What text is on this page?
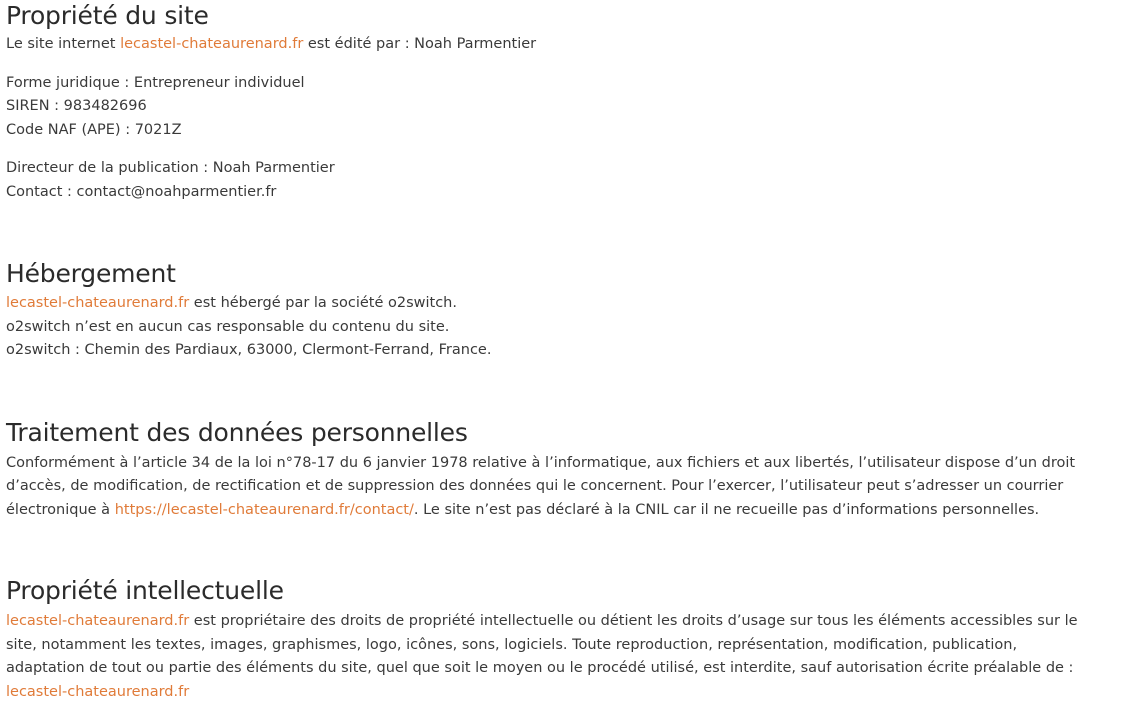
Propriété du site

Le site internet lecastel-chateaurenard.fr est édité par : Noah Parmentier

Forme juridique : Entrepreneur individuel
SIREN : 983482696
Code NAF (APE) : 7021Z

Directeur de la publication : Noah Parmentier
Contact : contact@noahparmentier.fr

Hébergement

lecastel-chateaurenard.fr est hébergé par la société o2switch.
o2switch n’est en aucun cas responsable du contenu du site.
o2switch : Chemin des Pardiaux, 63000, Clermont-Ferrand, France.

Traitement des données personnelles

Conformément à l’article 34 de la loi n°78-17 du 6 janvier 1978 relative à l’informatique, aux fichiers et aux libertés, l’utilisateur dispose d’un droit d’accès, de modification, de rectification et de suppression des données qui le concernent. Pour l’exercer, l’utilisateur peut s’adresser un courrier électronique à https://lecastel-chateaurenard.fr/contact/. Le site n’est pas déclaré à la CNIL car il ne recueille pas d’informations personnelles.

Propriété intellectuelle

lecastel-chateaurenard.fr est propriétaire des droits de propriété intellectuelle ou détient les droits d’usage sur tous les éléments accessibles sur le site, notamment les textes, images, graphismes, logo, icônes, sons, logiciels. Toute reproduction, représentation, modification, publication, adaptation de tout ou partie des éléments du site, quel que soit le moyen ou le procédé utilisé, est interdite, sauf autorisation écrite préalable de : lecastel-chateaurenard.fr
